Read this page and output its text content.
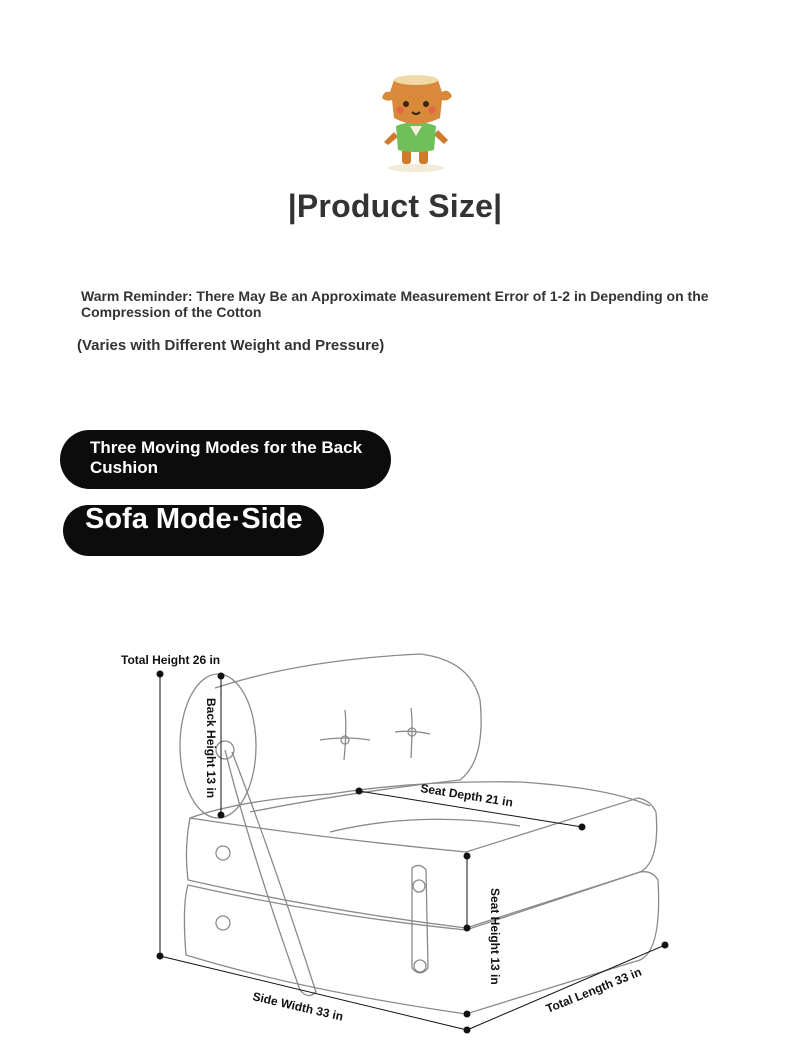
|Product Size|
Warm Reminder: There May Be an Approximate Measurement Error of 1-2 in Depending on the Compression of the Cotton
(Varies with Different Weight and Pressure)
Three Moving Modes for the Back Cushion
Sofa Mode·Side
Total Height 26 in
Back Height 13 in	Seat Depth 21 in
Seat Height 13 in
Side Width 33 in	Total Length 33 in
